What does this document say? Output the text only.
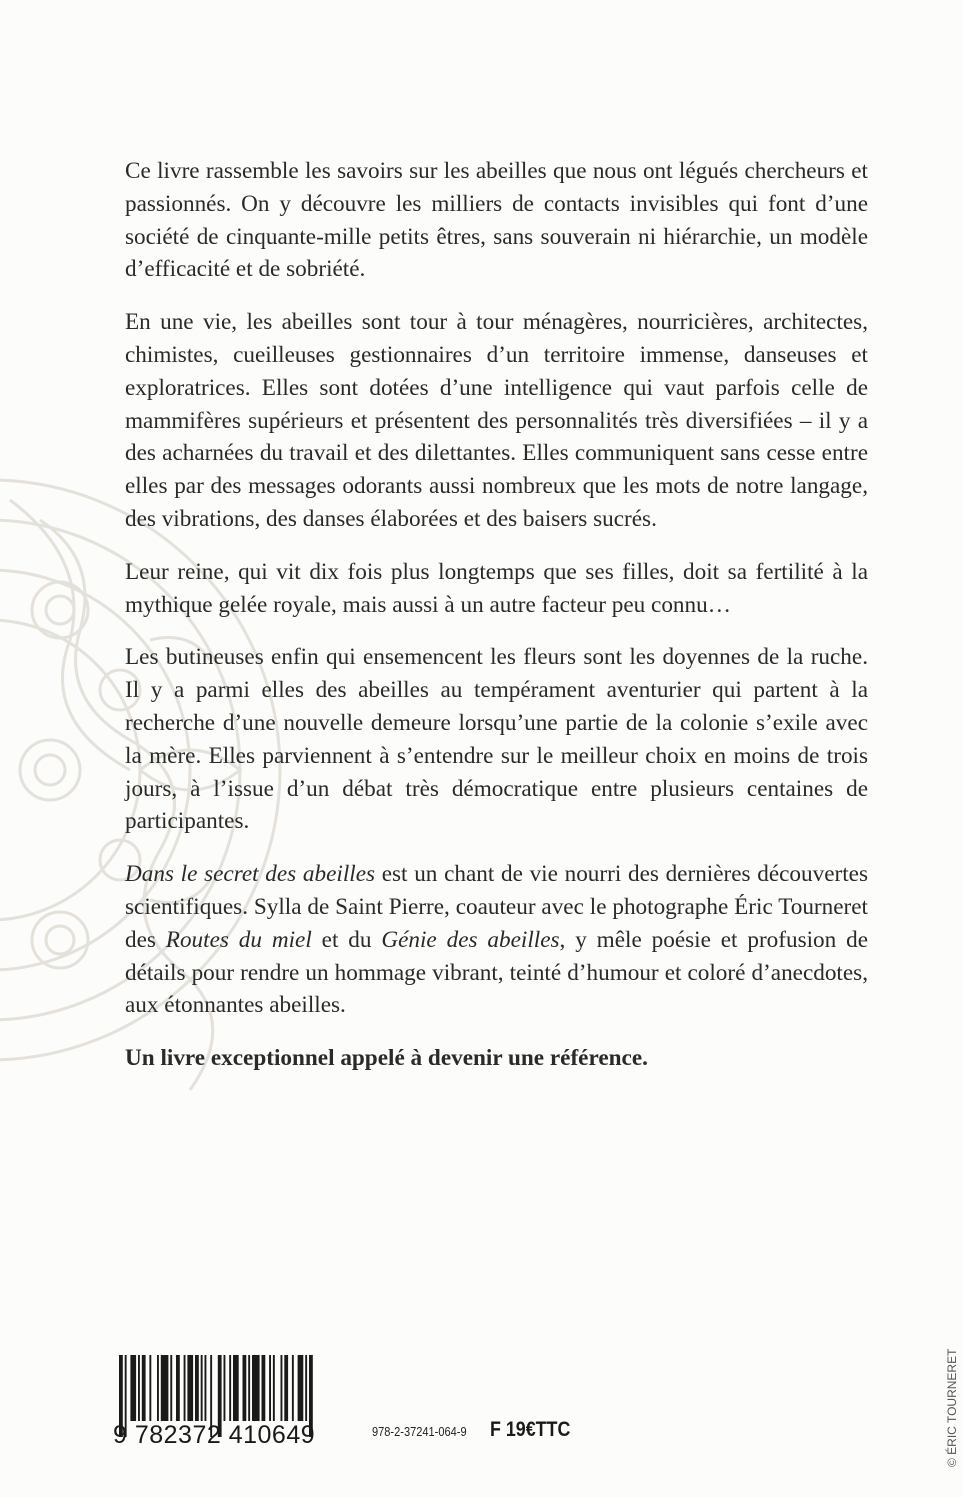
Ce livre rassemble les savoirs sur les abeilles que nous ont légués chercheurs et passionnés. On y découvre les milliers de contacts invisibles qui font d’une société de cinquante-mille petits êtres, sans souverain ni hiérarchie, un modèle d’efficacité et de sobriété.

En une vie, les abeilles sont tour à tour ménagères, nourricières, architectes, chimistes, cueilleuses gestionnaires d’un territoire immense, danseuses et exploratrices. Elles sont dotées d’une intelligence qui vaut parfois celle de mammifères supérieurs et présentent des personnalités très diversifiées – il y a des acharnées du travail et des dilettantes. Elles communiquent sans cesse entre elles par des messages odorants aussi nombreux que les mots de notre langage, des vibrations, des danses élaborées et des baisers sucrés.

Leur reine, qui vit dix fois plus longtemps que ses filles, doit sa fertilité à la mythique gelée royale, mais aussi à un autre facteur peu connu…

Les butineuses enfin qui ensemencent les fleurs sont les doyennes de la ruche. Il y a parmi elles des abeilles au tempérament aventurier qui partent à la recherche d’une nouvelle demeure lorsqu’une partie de la colonie s’exile avec la mère. Elles parviennent à s’entendre sur le meilleur choix en moins de trois jours, à l’issue d’un débat très démocratique entre plusieurs centaines de participantes.

Dans le secret des abeilles est un chant de vie nourri des dernières découvertes scientifiques. Sylla de Saint Pierre, coauteur avec le photographe Éric Tourneret des Routes du miel et du Génie des abeilles, y mêle poésie et profusion de détails pour rendre un hommage vibrant, teinté d’humour et coloré d’anecdotes, aux étonnantes abeilles.

Un livre exceptionnel appelé à devenir une référence.

9 782372 410649	978-2-37241-064-9 F 19€TTC	© ÉRIC TOURNERET
